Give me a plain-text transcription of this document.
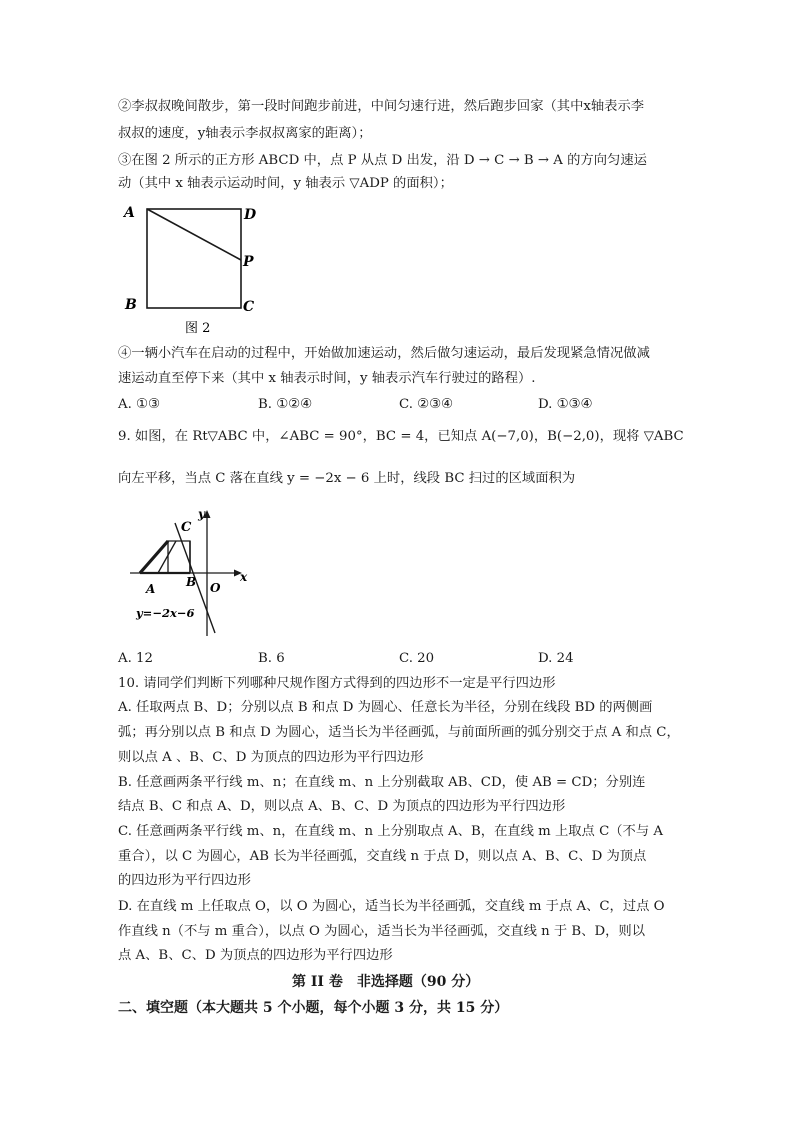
②李叔叔晚间散步，第一段时间跑步前进，中间匀速行进，然后跑步回家（其中x轴表示李
叔叔的速度，y轴表示李叔叔离家的距离）；
③在图 2 所示的正方形 ABCD 中，点 P 从点 D 出发，沿 D → C → B → A 的方向匀速运
动（其中 x 轴表示运动时间，y 轴表示 ▽ADP 的面积）；
A	D
P
B	C
图 2
④一辆小汽车在启动的过程中，开始做加速运动，然后做匀速运动，最后发现紧急情况做减
速运动直至停下来（其中 x 轴表示时间，y 轴表示汽车行驶过的路程）.
A. ①③	B. ①②④	C. ②③④	D. ①③④
9. 如图，在 Rt▽ABC 中，∠ABC = 90°，BC = 4，已知点 A(−7,0)，B(−2,0)，现将 ▽ABC
向左平移，当点 C 落在直线 y = −2x − 6 上时，线段 BC 扫过的区域面积为
C
y
x
A	B O
y=−2x−6
A. 12	B. 6	C. 20	D. 24
10. 请同学们判断下列哪种尺规作图方式得到的四边形不一定是平行四边形
A. 任取两点 B、D；分别以点 B 和点 D 为圆心、任意长为半径，分别在线段 BD 的两侧画
弧；再分别以点 B 和点 D 为圆心，适当长为半径画弧，与前面所画的弧分别交于点 A 和点 C，
则以点 A 、B、C、D 为顶点的四边形为平行四边形
B. 任意画两条平行线 m、n；在直线 m、n 上分别截取 AB、CD，使 AB = CD；分别连
结点 B、C 和点 A、D，则以点 A、B、C、D 为顶点的四边形为平行四边形
C. 任意画两条平行线 m、n，在直线 m、n 上分别取点 A、B，在直线 m 上取点 C（不与 A
重合），以 C 为圆心，AB 长为半径画弧，交直线 n 于点 D，则以点 A、B、C、D 为顶点
的四边形为平行四边形
D. 在直线 m 上任取点 O，以 O 为圆心，适当长为半径画弧，交直线 m 于点 A、C，过点 O
作直线 n（不与 m 重合），以点 O 为圆心，适当长为半径画弧，交直线 n 于 B、D，则以
点 A、B、C、D 为顶点的四边形为平行四边形
第 II 卷　非选择题（90 分）
二、填空题（本大题共 5 个小题，每个小题 3 分，共 15 分）
